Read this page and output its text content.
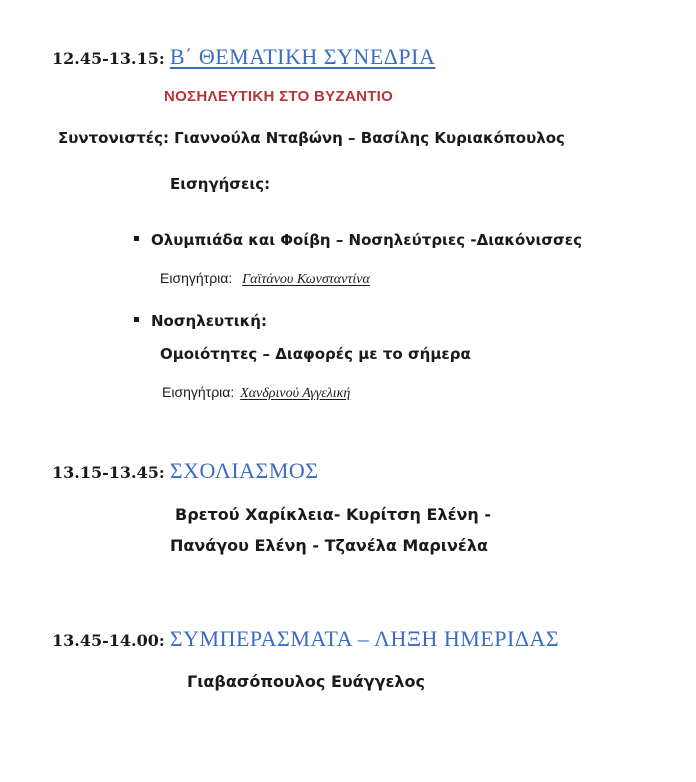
12.45-13.15: Β΄ ΘΕΜΑΤΙΚΗ ΣΥΝΕΔΡΙΑ
ΝΟΣΗΛΕΥΤΙΚΗ ΣΤΟ ΒΥΖΑΝΤΙΟ
Συντονιστές: Γιαννούλα Νταβώνη – Βασίλης Κυριακόπουλος
Εισηγήσεις:
Ολυμπιάδα και Φοίβη – Νοσηλεύτριες -Διακόνισσες
Εισηγήτρια: Γαϊτάνου Κωνσταντίνα
Νοσηλευτική:
Ομοιότητες – Διαφορές με το σήμερα
Εισηγήτρια: Χανδρινού Αγγελική
13.15-13.45: ΣΧΟΛΙΑΣΜΟΣ
Βρετού Χαρίκλεια- Κυρίτση Ελένη -
Πανάγου Ελένη - Τζανέλα Μαρινέλα
13.45-14.00: ΣΥΜΠΕΡΑΣΜΑΤΑ – ΛΗΞΗ ΗΜΕΡΙΔΑΣ
Γιαβασόπουλος Ευάγγελος
